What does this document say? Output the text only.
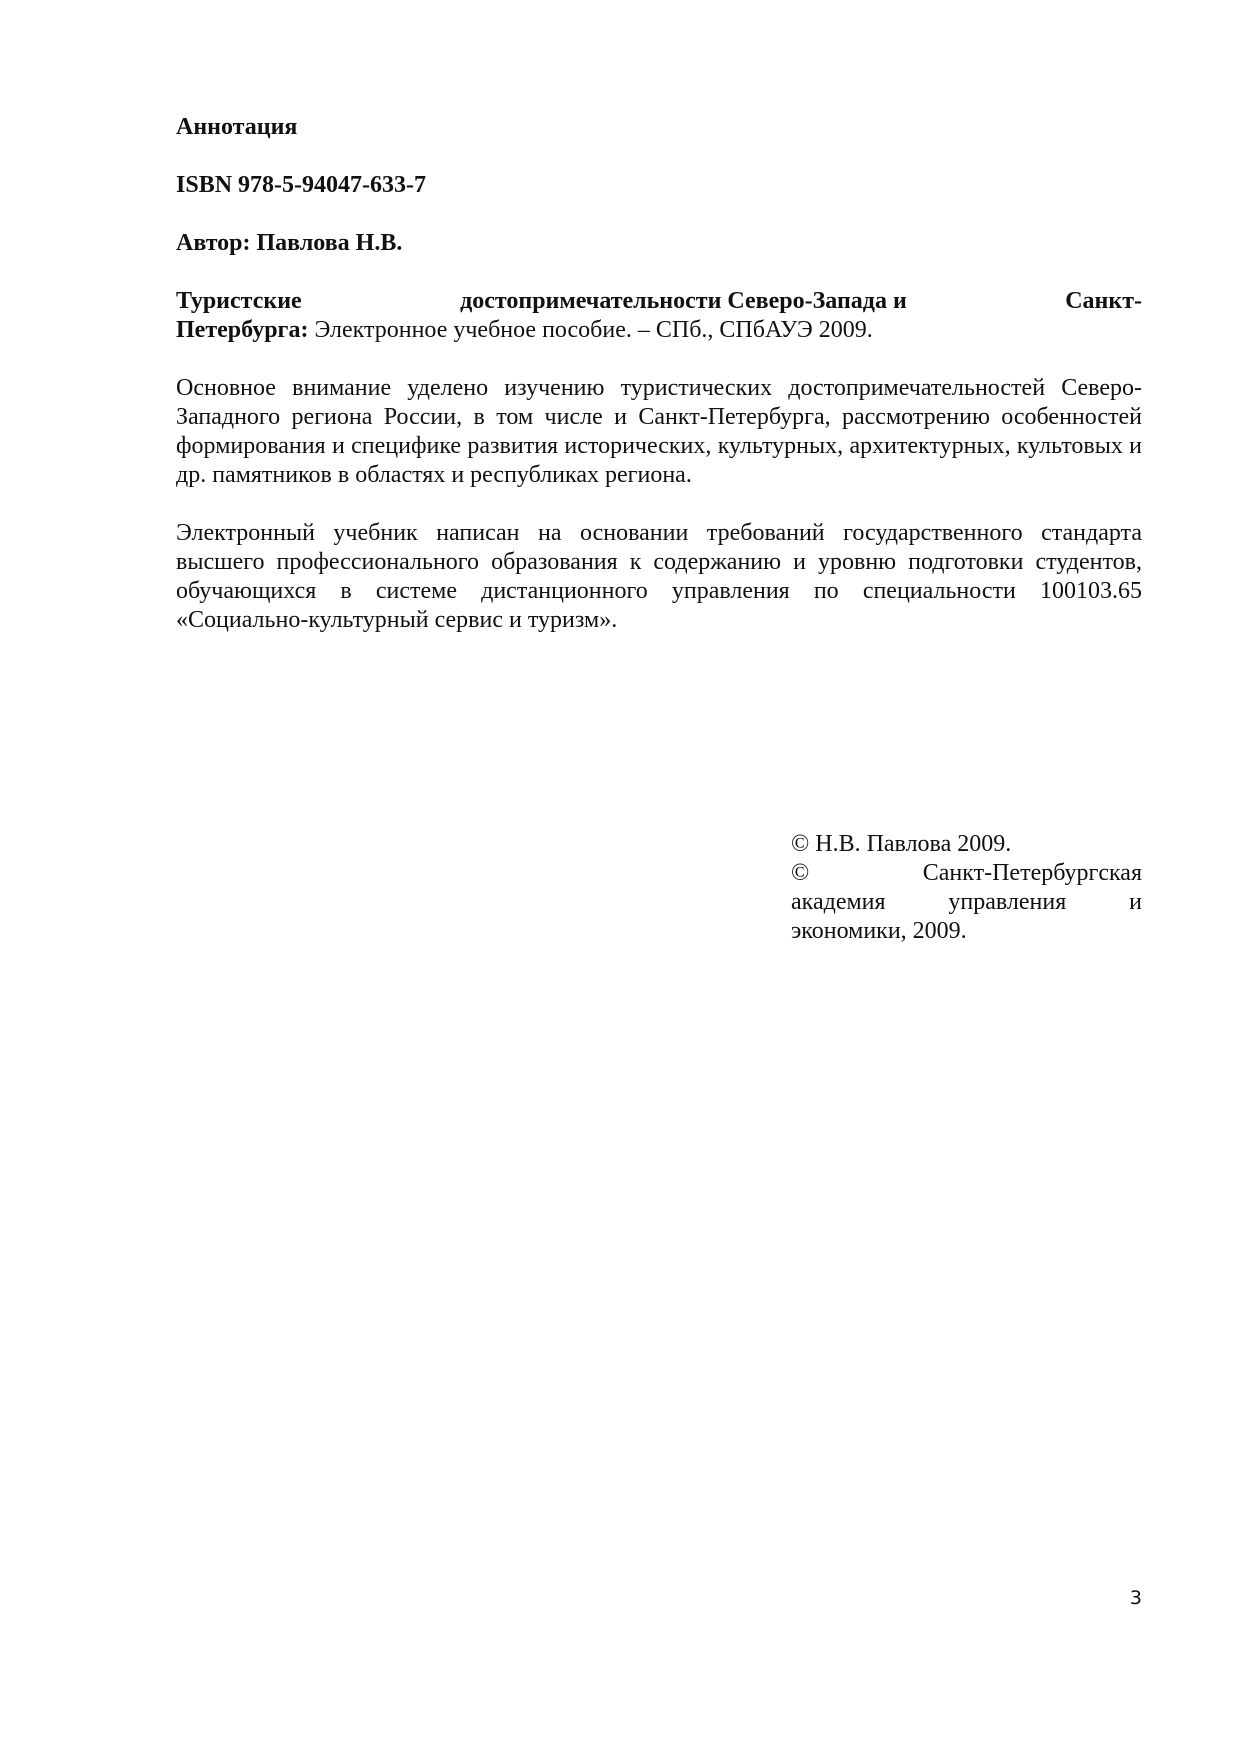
Аннотация

ISBN 978-5-94047-633-7

Автор: Павлова Н.В.

Туристские	достопримечательности Северо-Запада и	Санкт-

Петербурга: Электронное учебное пособие. – СПб., СПбАУЭ 2009.

Основное внимание уделено изучению туристических достопримечательностей Северо-Западного региона России, в том числе и Санкт-Петербурга, рассмотрению особенностей формирования и специфике развития исторических, культурных, архитектурных, культовых и др. памятников в областях и республиках региона.

Электронный учебник написан на основании требований государственного стандарта высшего профессионального образования к содержанию и уровню подготовки студентов, обучающихся в системе дистанционного управления по специальности 100103.65 «Социально-культурный сервис и туризм».

© Н.В. Павлова 2009.

©	Санкт-Петербургская

академия	управления	и

экономики, 2009.

3
